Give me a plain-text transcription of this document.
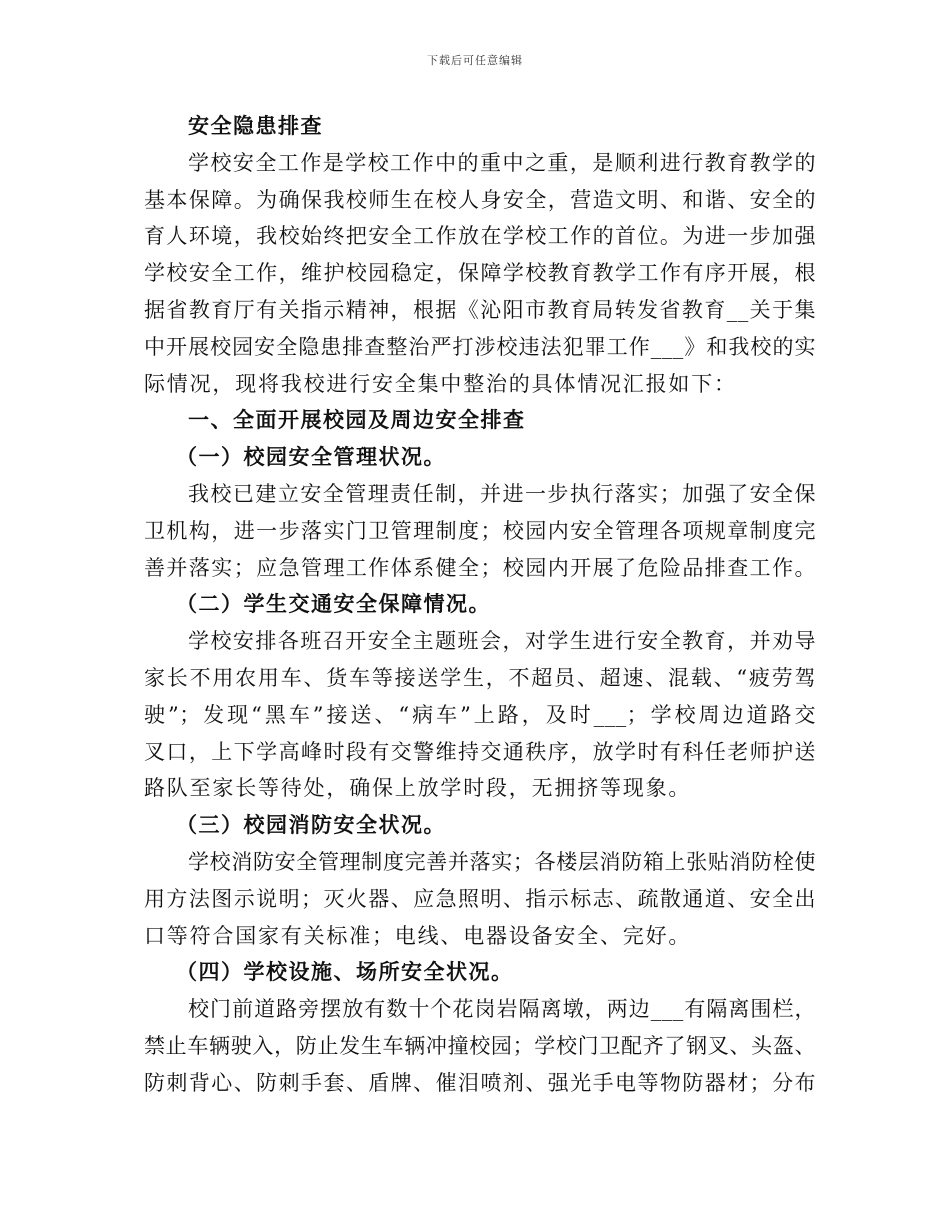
下载后可任意编辑
安全隐患排查
学校安全工作是学校工作中的重中之重，是顺利进行教育教学的
基本保障。为确保我校师生在校人身安全，营造文明、和谐、安全的
育人环境，我校始终把安全工作放在学校工作的首位。为进一步加强
学校安全工作，维护校园稳定，保障学校教育教学工作有序开展，根
据省教育厅有关指示精神，根据《沁阳市教育局转发省教育__关于集
中开展校园安全隐患排查整治严打涉校违法犯罪工作___》和我校的实
际情况，现将我校进行安全集中整治的具体情况汇报如下：
一、全面开展校园及周边安全排查
（一）校园安全管理状况。
我校已建立安全管理责任制，并进一步执行落实；加强了安全保
卫机构，进一步落实门卫管理制度；校园内安全管理各项规章制度完
善并落实；应急管理工作体系健全；校园内开展了危险品排查工作。
（二）学生交通安全保障情况。
学校安排各班召开安全主题班会，对学生进行安全教育，并劝导
家长不用农用车、货车等接送学生，不超员、超速、混载、“疲劳驾
驶”；发现“黑车”接送、“病车”上路，及时___；学校周边道路交
叉口，上下学高峰时段有交警维持交通秩序，放学时有科任老师护送
路队至家长等待处，确保上放学时段，无拥挤等现象。
（三）校园消防安全状况。
学校消防安全管理制度完善并落实；各楼层消防箱上张贴消防栓使
用方法图示说明；灭火器、应急照明、指示标志、疏散通道、安全出
口等符合国家有关标准；电线、电器设备安全、完好。
（四）学校设施、场所安全状况。
校门前道路旁摆放有数十个花岗岩隔离墩，两边___有隔离围栏，
禁止车辆驶入，防止发生车辆冲撞校园；学校门卫配齐了钢叉、头盔、
防刺背心、防刺手套、盾牌、催泪喷剂、强光手电等物防器材；分布
